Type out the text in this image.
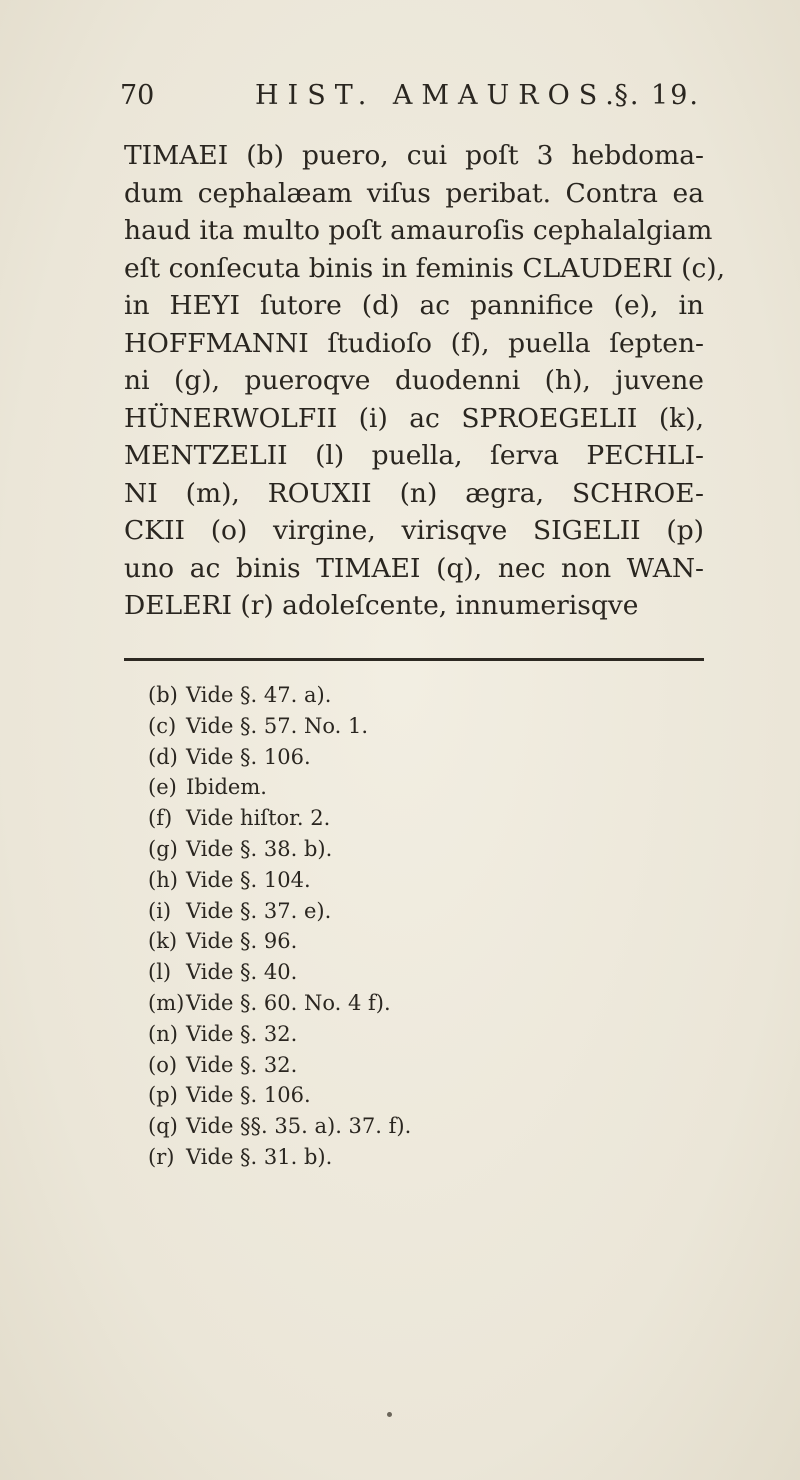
70	HIST. AMAUROS.
§. 19.
TIMAEI (b) puero, cui poſt 3 hebdoma-
dum cephalæam viſus peribat. Contra ea
haud ita multo poſt amauroſis cephalalgiam
eſt conſecuta binis in feminis CLAUDERI (c),
in HEYI ſutore (d) ac pannifice (e), in
HOFFMANNI ſtudioſo (f), puella ſepten-
ni (g), pueroqve duodenni (h), juvene
HÜNERWOLFII (i) ac SPROEGELII (k),
MENTZELII (l) puella, ſerva PECHLI-
NI (m), ROUXII (n) ægra, SCHROE-
CKII (o) virgine, virisqve SIGELII (p)
uno ac binis TIMAEI (q), nec non WAN-
DELERI (r) adoleſcente, innumerisqve
(b) Vide §. 47. a).
(c) Vide §. 57. No. 1.
(d) Vide §. 106.
(e) Ibidem.
(f) Vide hiſtor. 2.
(g) Vide §. 38. b).
(h) Vide §. 104.
(i) Vide §. 37. e).
(k) Vide §. 96.
(l) Vide §. 40.
(m)Vide §. 60. No. 4 f).
(n) Vide §. 32.
(o) Vide §. 32.
(p) Vide §. 106.
(q) Vide §§. 35. a). 37. f).
(r) Vide §. 31. b).
